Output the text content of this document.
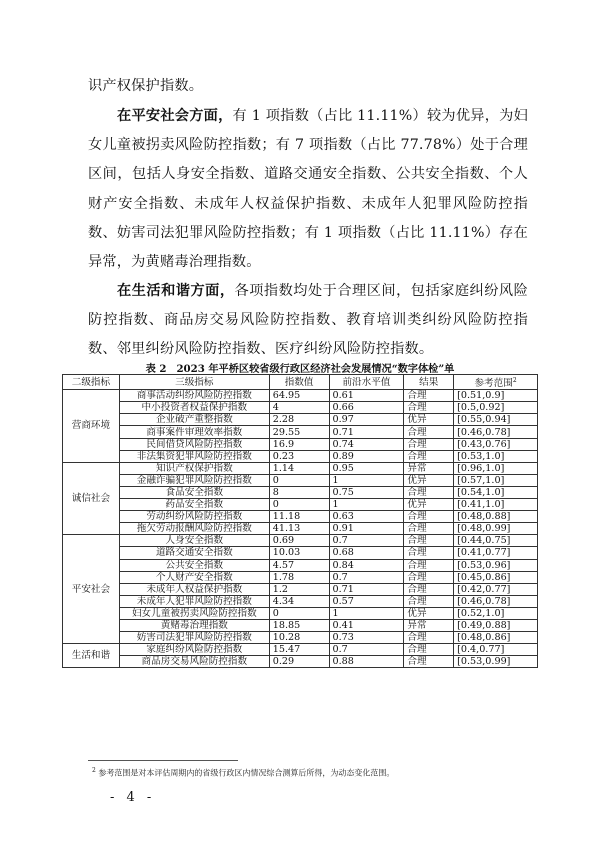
识产权保护指数。
在平安社会方面，有 1 项指数（占比 11.11%）较为优异，为妇女儿童被拐卖风险防控指数；有 7 项指数（占比 77.78%）处于合理区间，包括人身安全指数、道路交通安全指数、公共安全指数、个人财产安全指数、未成年人权益保护指数、未成年人犯罪风险防控指数、妨害司法犯罪风险防控指数；有 1 项指数（占比 11.11%）存在异常，为黄赌毒治理指数。
在生活和谐方面，各项指数均处于合理区间，包括家庭纠纷风险防控指数、商品房交易风险防控指数、教育培训类纠纷风险防控指数、邻里纠纷风险防控指数、医疗纠纷风险防控指数。
表 2 2023 年平桥区较省级行政区经济社会发展情况“数字体检”单
二级指标	三级指标	指数值	前沿水平值	结果	参考范围$^2$
营商环境	商事活动纠纷风险防控指数	64.95	0.61	合理	[0.51,0.9]
	中小投资者权益保护指数	4	0.66	合理	[0.5,0.92]
	企业破产重整指数	2.28	0.97	优异	[0.55,0.94]
	商事案件审理效率指数	29.55	0.71	合理	[0.46,0.78]
	民间借贷风险防控指数	16.9	0.74	合理	[0.43,0.76]
	非法集资犯罪风险防控指数	0.23	0.89	合理	[0.53,1.0]
诚信社会	知识产权保护指数	1.14	0.95	异常	[0.96,1.0]
	金融诈骗犯罪风险防控指数	0	1	优异	[0.57,1.0]
	食品安全指数	8	0.75	合理	[0.54,1.0]
	药品安全指数	0	1	优异	[0.41,1.0]
	劳动纠纷风险防控指数	11.18	0.63	合理	[0.48,0.88]
	拖欠劳动报酬风险防控指数	41.13	0.91	合理	[0.48,0.99]
平安社会	人身安全指数	0.69	0.7	合理	[0.44,0.75]
	道路交通安全指数	10.03	0.68	合理	[0.41,0.77]
	公共安全指数	4.57	0.84	合理	[0.53,0.96]
	个人财产安全指数	1.78	0.7	合理	[0.45,0.86]
	未成年人权益保护指数	1.2	0.71	合理	[0.42,0.77]
	未成年人犯罪风险防控指数	4.34	0.57	合理	[0.46,0.78]
	妇女儿童被拐卖风险防控指数	0	1	优异	[0.52,1.0]
	黄赌毒治理指数	18.85	0.41	异常	[0.49,0.88]
	妨害司法犯罪风险防控指数	10.28	0.73	合理	[0.48,0.86]
生活和谐	家庭纠纷风险防控指数	15.47	0.7	合理	[0.4,0.77]
	商品房交易风险防控指数	0.29	0.88	合理	[0.53,0.99]
$^2$ 参考范围是对本评估周期内的省级行政区内情况综合测算后所得，为动态变化范围。
- 4 -
